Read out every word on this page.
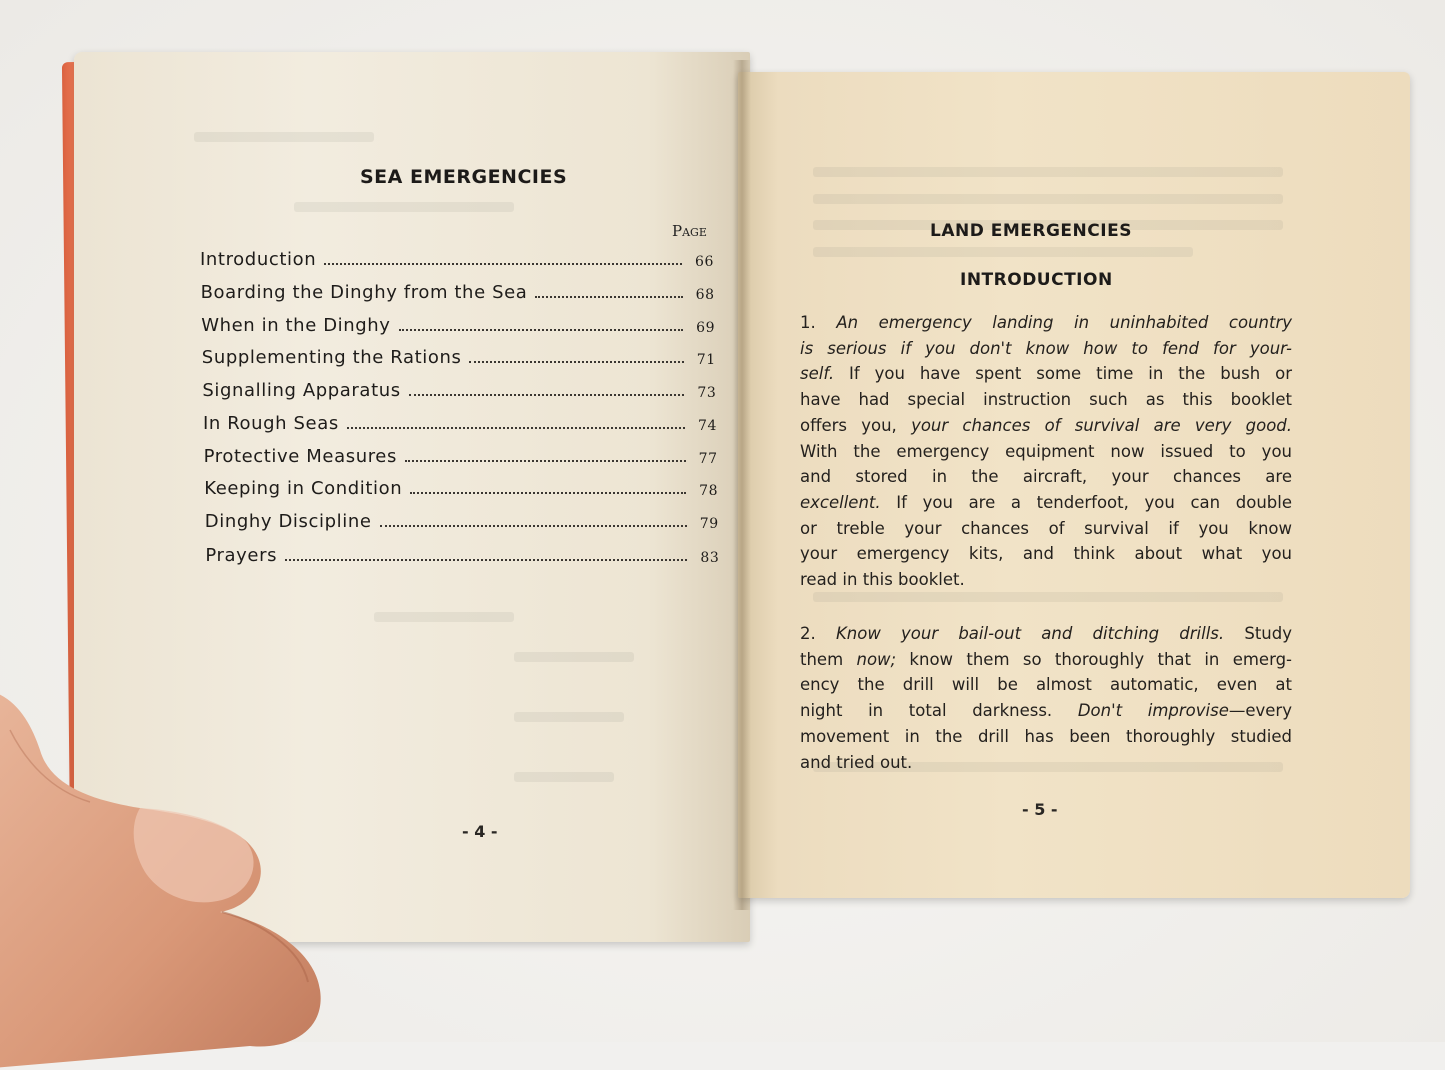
SEA EMERGENCIES
Page
Introduction	66
Boarding the Dinghy from the Sea	68
When in the Dinghy	69
Supplementing the Rations	71
Signalling Apparatus	73
In Rough Seas	74
Protective Measures	77
Keeping in Condition	78
Dinghy Discipline	79
Prayers	83
- 4 -
LAND EMERGENCIES
INTRODUCTION

1. An emergency landing in uninhabited country
is serious if you don't know how to fend for your-
self. If you have spent some time in the bush or
have had special instruction such as this booklet
offers you, your chances of survival are very good.
With the emergency equipment now issued to you
and stored in the aircraft, your chances are
excellent. If you are a tenderfoot, you can double
or treble your chances of survival if you know
your emergency kits, and think about what you
read in this booklet.

2. Know your bail-out and ditching drills. Study
them now; know them so thoroughly that in emerg-
ency the drill will be almost automatic, even at
night in total darkness. Don't improvise—every
movement in the drill has been thoroughly studied
and tried out.

- 5 -
